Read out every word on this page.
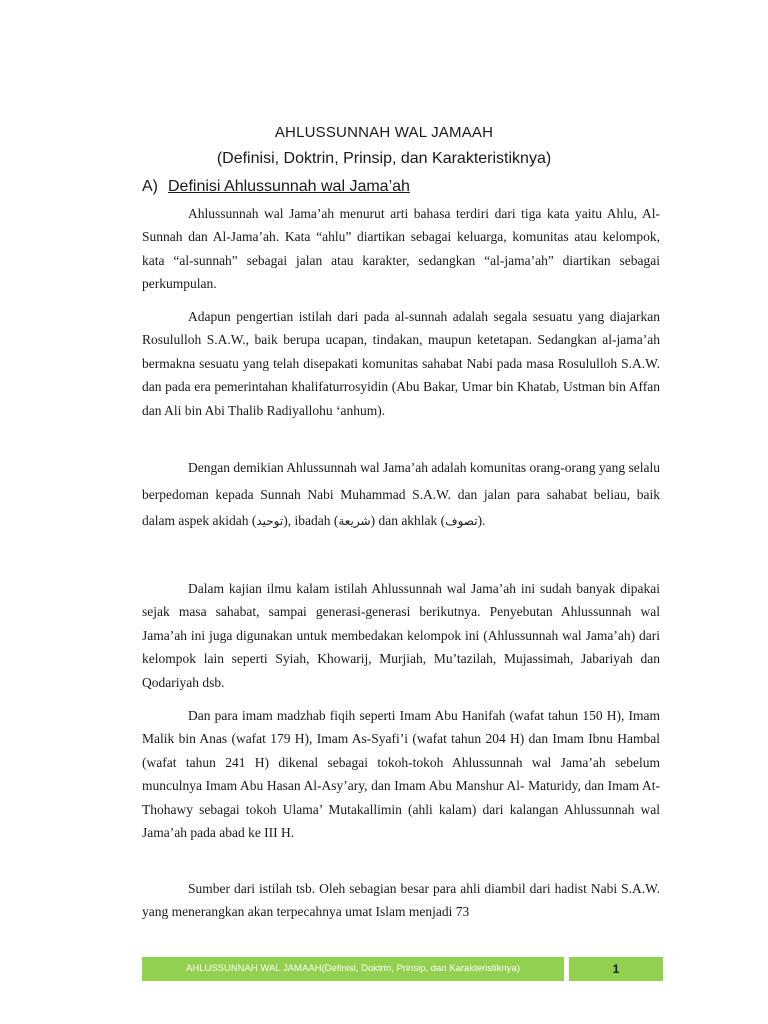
AHLUSSUNNAH WAL JAMAAH
(Definisi, Doktrin, Prinsip, dan Karakteristiknya)
A) Definisi Ahlussunnah wal Jama’ah

Ahlussunnah wal Jama’ah menurut arti bahasa terdiri dari tiga kata yaitu Ahlu, Al-Sunnah dan Al-Jama’ah. Kata “ahlu” diartikan sebagai keluarga, komunitas atau kelompok, kata “al-sunnah” sebagai jalan atau karakter, sedangkan “al-jama’ah” diartikan sebagai perkumpulan.

Adapun pengertian istilah dari pada al-sunnah adalah segala sesuatu yang diajarkan Rosululloh S.A.W., baik berupa ucapan, tindakan, maupun ketetapan. Sedangkan al-jama’ah bermakna sesuatu yang telah disepakati komunitas sahabat Nabi pada masa Rosululloh S.A.W. dan pada era pemerintahan khalifaturrosyidin (Abu Bakar, Umar bin Khatab, Ustman bin Affan dan Ali bin Abi Thalib Radiyallohu ‘anhum).

Dengan demikian Ahlussunnah wal Jama’ah adalah komunitas orang-orang yang selalu berpedoman kepada Sunnah Nabi Muhammad S.A.W. dan jalan para sahabat beliau, baik dalam aspek akidah (توحيد), ibadah (شريعة) dan akhlak (تصوف).

Dalam kajian ilmu kalam istilah Ahlussunnah wal Jama’ah ini sudah banyak dipakai sejak masa sahabat, sampai generasi-generasi berikutnya. Penyebutan Ahlussunnah wal Jama’ah ini juga digunakan untuk membedakan kelompok ini (Ahlussunnah wal Jama’ah) dari kelompok lain seperti Syiah, Khowarij, Murjiah, Mu’tazilah, Mujassimah, Jabariyah dan Qodariyah dsb.

Dan para imam madzhab fiqih seperti Imam Abu Hanifah (wafat tahun 150 H), Imam Malik bin Anas (wafat 179 H), Imam As-Syafi’i (wafat tahun 204 H) dan Imam Ibnu Hambal (wafat tahun 241 H) dikenal sebagai tokoh-tokoh Ahlussunnah wal Jama’ah sebelum munculnya Imam Abu Hasan Al-Asy’ary, dan Imam Abu Manshur Al- Maturidy, dan Imam At-Thohawy sebagai tokoh Ulama’ Mutakallimin (ahli kalam) dari kalangan Ahlussunnah wal Jama’ah pada abad ke III H.

Sumber dari istilah tsb. Oleh sebagian besar para ahli diambil dari hadist Nabi S.A.W. yang menerangkan akan terpecahnya umat Islam menjadi 73

AHLUSSUNNAH WAL JAMAAH(Definisi, Doktrin, Prinsip, dan Karakteristiknya)	1
